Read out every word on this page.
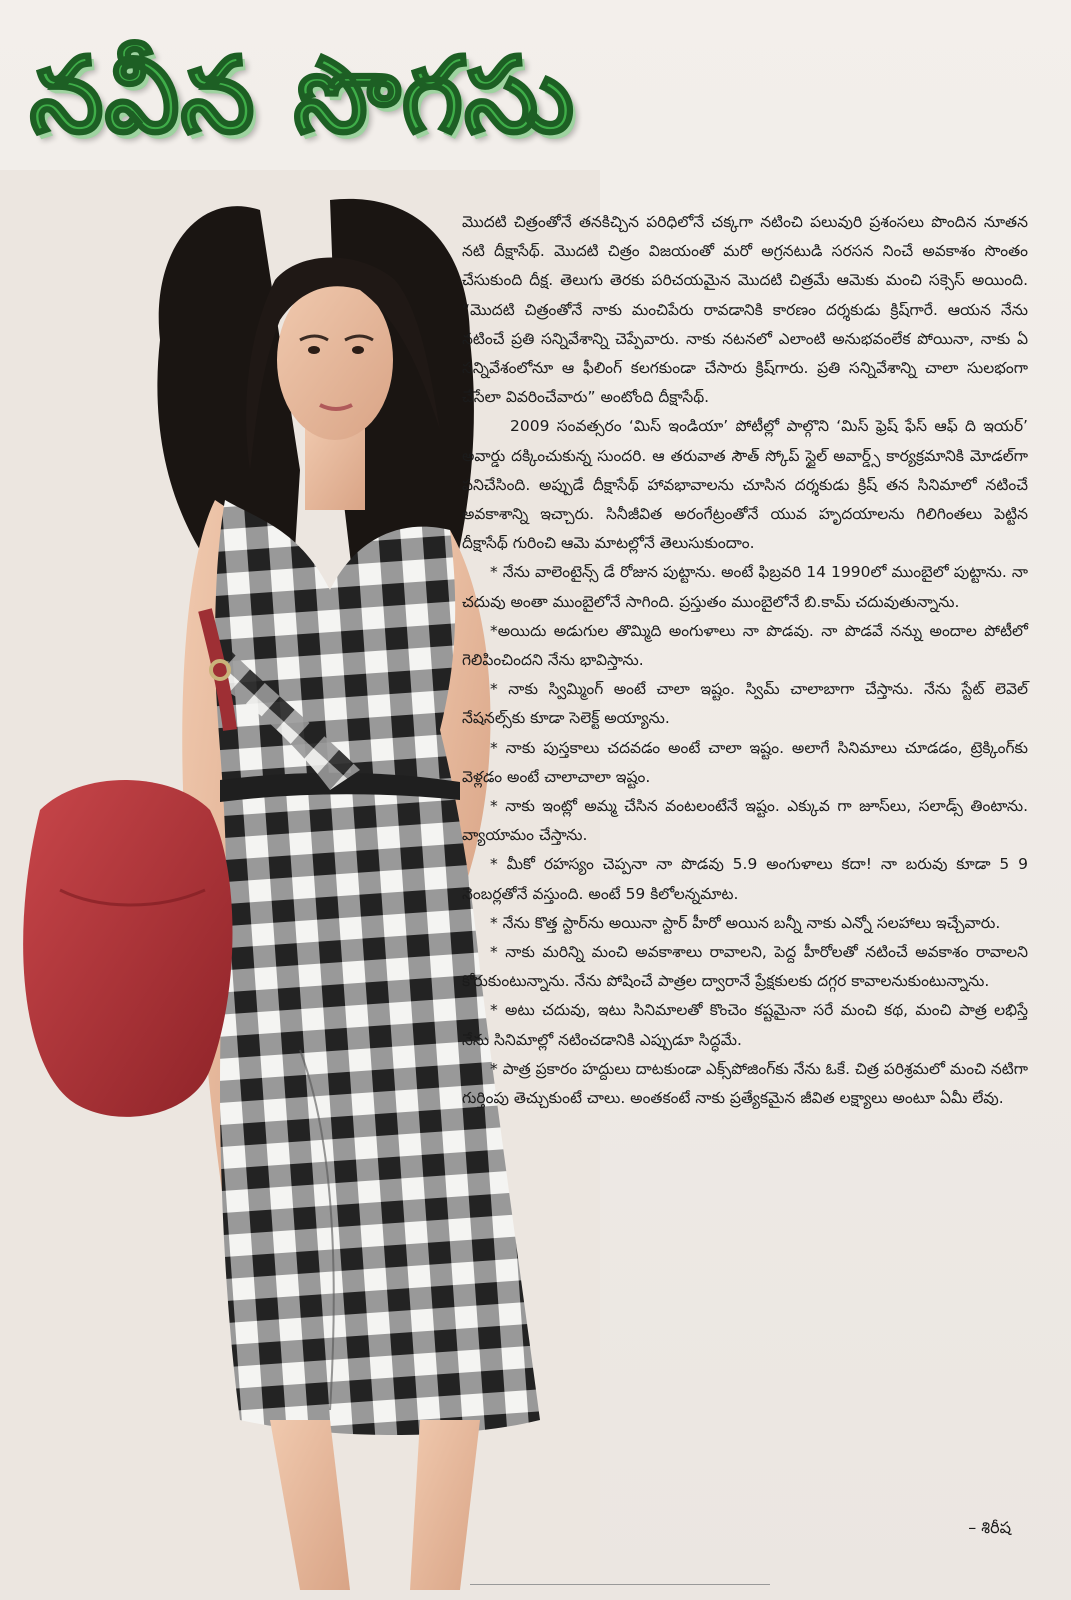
నవీన సొగసు

మొదటి చిత్రంతోనే తనకిచ్చిన పరిధిలోనే చక్కగా నటించి పలువురి ప్రశంసలు పొందిన నూతన నటి దీక్షాసేథ్. మొదటి చిత్రం విజయంతో మరో అగ్రనటుడి సరసన నించే అవకాశం సొంతం చేసుకుంది దీక్ష. తెలుగు తెరకు పరిచయమైన మొదటి చిత్రమే ఆమెకు మంచి సక్సెస్ అయింది. “మొదటి చిత్రంతోనే నాకు మంచిపేరు రావడానికి కారణం దర్శకుడు క్రిష్‌గారే. ఆయన నేను నటించే ప్రతి సన్నివేశాన్ని చెప్పేవారు. నాకు నటనలో ఎలాంటి అనుభవంలేక పోయినా, నాకు ఏ సన్నివేశంలోనూ ఆ ఫీలింగ్ కలగకుండా చేసారు క్రిష్‌గారు. ప్రతి సన్నివేశాన్ని చాలా సులభంగా చేసేలా వివరించేవారు” అంటోంది దీక్షాసేథ్.

2009 సంవత్సరం ‘మిస్ ఇండియా’ పోటీల్లో పాల్గొని ‘మిస్ ఫ్రెష్ ఫేస్ ఆఫ్ ది ఇయర్’ అవార్డు దక్కించుకున్న సుందరి. ఆ తరువాత సౌత్ స్కోప్ స్టైల్ అవార్డ్స్ కార్యక్రమానికి మోడల్‌గా పనిచేసింది. అప్పుడే దీక్షాసేథ్ హావభావాలను చూసిన దర్శకుడు క్రిష్ తన సినిమాలో నటించే అవకాశాన్ని ఇచ్చారు. సినీజీవిత అరంగేట్రంతోనే యువ హృదయాలను గిలిగింతలు పెట్టిన దీక్షాసేథ్ గురించి ఆమె మాటల్లోనే తెలుసుకుందాం.

* నేను వాలెంటైన్స్ డే రోజున పుట్టాను. అంటే ఫిబ్రవరి 14 1990లో ముంబైలో పుట్టాను. నా చదువు అంతా ముంబైలోనే సాగింది. ప్రస్తుతం ముంబైలోనే బి.కామ్ చదువుతున్నాను.

*అయిదు అడుగుల తొమ్మిది అంగుళాలు నా పొడవు. నా పొడవే నన్ను అందాల పోటీలో గెలిపించిందని నేను భావిస్తాను.

* నాకు స్విమ్మింగ్ అంటే చాలా ఇష్టం. స్విమ్ చాలాబాగా చేస్తాను. నేను స్టేట్ లెవెల్ నేషనల్స్‌కు కూడా సెలెక్ట్ అయ్యాను.

* నాకు పుస్తకాలు చదవడం అంటే చాలా ఇష్టం. అలాగే సినిమాలు చూడడం, ట్రెక్కింగ్‌కు వెళ్లడం అంటే చాలాచాలా ఇష్టం.

* నాకు ఇంట్లో అమ్మ చేసిన వంటలంటేనే ఇష్టం. ఎక్కువ గా జూస్‌లు, సలాడ్స్ తింటాను. వ్యాయామం చేస్తాను.

* మీకో రహస్యం చెప్పనా నా పొడవు 5.9 అంగుళాలు కదా! నా బరువు కూడా 5 9 నెంబర్లతోనే వస్తుంది. అంటే 59 కిలోలన్నమాట.

* నేను కొత్త స్టార్‌ను అయినా స్టార్ హీరో అయిన బన్నీ నాకు ఎన్నో సలహాలు ఇచ్చేవారు.

* నాకు మరిన్ని మంచి అవకాశాలు రావాలని, పెద్ద హీరోలతో నటించే అవకాశం రావాలని కోరుకుంటున్నాను. నేను పోషించే పాత్రల ద్వారానే ప్రేక్షకులకు దగ్గర కావాలనుకుంటున్నాను.

* అటు చదువు, ఇటు సినిమాలతో కొంచెం కష్టమైనా సరే మంచి కథ, మంచి పాత్ర లభిస్తే నేను సినిమాల్లో నటించడానికి ఎప్పుడూ సిద్ధమే.

* పాత్ర ప్రకారం హద్దులు దాటకుండా ఎక్స్‌పోజింగ్‌కు నేను ఓకే. చిత్ర పరిశ్రమలో మంచి నటిగా గుర్తింపు తెచ్చుకుంటే చాలు. అంతకంటే నాకు ప్రత్యేకమైన జీవిత లక్ష్యాలు అంటూ ఏమీ లేవు.

– శిరీష
